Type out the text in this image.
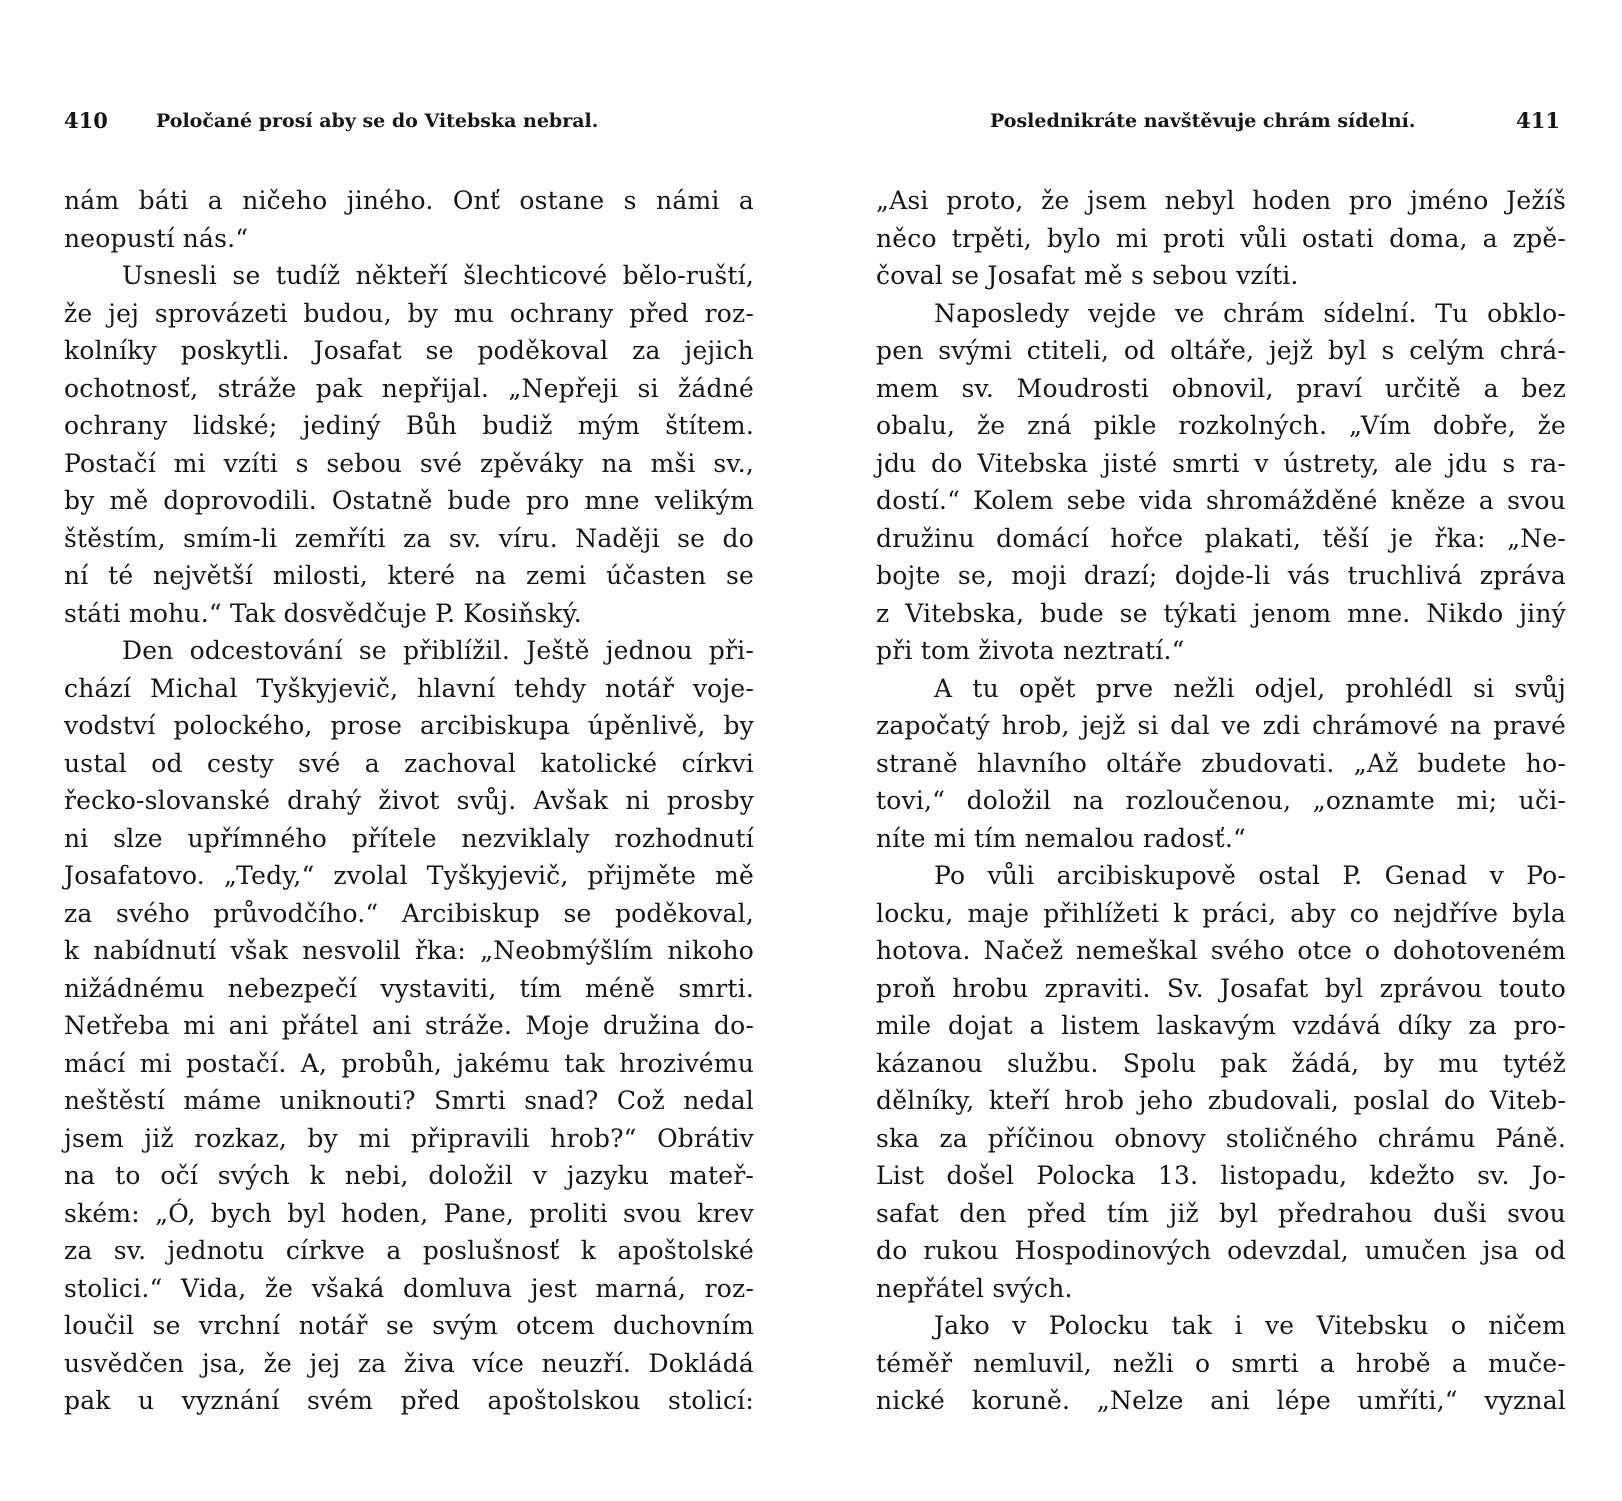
410	Poločané prosí aby se do Vitebska nebral.
nám báti a ničeho jiného. Onť ostane s námi a
neopustí nás.“
Usnesli se tudíž někteří šlechticové bělo-ruští,
že jej sprovázeti budou, by mu ochrany před roz-
kolníky poskytli. Josafat se poděkoval za jejich
ochotnosť, stráže pak nepřijal. „Nepřeji si žádné
ochrany lidské; jediný Bůh budiž mým štítem.
Postačí mi vzíti s sebou své zpěváky na mši sv.,
by mě doprovodili. Ostatně bude pro mne velikým
štěstím, smím-li zemříti za sv. víru. Naději se do
ní té největší milosti, které na zemi účasten se
státi mohu.“ Tak dosvědčuje P. Kosiňský.
Den odcestování se přiblížil. Ještě jednou při-
chází Michal Tyškyjevič, hlavní tehdy notář voje-
vodství polockého, prose arcibiskupa úpěnlivě, by
ustal od cesty své a zachoval katolické církvi
řecko-slovanské drahý život svůj. Avšak ni prosby
ni slze upřímného přítele nezviklaly rozhodnutí
Josafatovo. „Tedy,“ zvolal Tyškyjevič, přijměte mě
za svého průvodčího.“ Arcibiskup se poděkoval,
k nabídnutí však nesvolil řka: „Neobmýšlím nikoho
nižádnému nebezpečí vystaviti, tím méně smrti.
Netřeba mi ani přátel ani stráže. Moje družina do-
mácí mi postačí. A, probůh, jakému tak hrozivému
neštěstí máme uniknouti? Smrti snad? Což nedal
jsem již rozkaz, by mi připravili hrob?“ Obrátiv
na to očí svých k nebi, doložil v jazyku mateř-
ském: „Ó, bych byl hoden, Pane, proliti svou krev
za sv. jednotu církve a poslušnosť k apoštolské
stolici.“ Vida, že všaká domluva jest marná, roz-
loučil se vrchní notář se svým otcem duchovním
usvědčen jsa, že jej za živa více neuzří. Dokládá
pak u vyznání svém před apoštolskou stolicí:
Poslednikráte navštěvuje chrám sídelní.	411
„Asi proto, že jsem nebyl hoden pro jméno Ježíš
něco trpěti, bylo mi proti vůli ostati doma, a zpě-
čoval se Josafat mě s sebou vzíti.
Naposledy vejde ve chrám sídelní. Tu obklo-
pen svými ctiteli, od oltáře, jejž byl s celým chrá-
mem sv. Moudrosti obnovil, praví určitě a bez
obalu, že zná pikle rozkolných. „Vím dobře, že
jdu do Vitebska jisté smrti v ústrety, ale jdu s ra-
dostí.“ Kolem sebe vida shromážděné kněze a svou
družinu domácí hořce plakati, těší je řka: „Ne-
bojte se, moji drazí; dojde-li vás truchlivá zpráva
z Vitebska, bude se týkati jenom mne. Nikdo jiný
při tom života neztratí.“
A tu opět prve nežli odjel, prohlédl si svůj
započatý hrob, jejž si dal ve zdi chrámové na pravé
straně hlavního oltáře zbudovati. „Až budete ho-
tovi,“ doložil na rozloučenou, „oznamte mi; uči-
níte mi tím nemalou radosť.“
Po vůli arcibiskupově ostal P. Genad v Po-
locku, maje přihlížeti k práci, aby co nejdříve byla
hotova. Načež nemeškal svého otce o dohotoveném
proň hrobu zpraviti. Sv. Josafat byl zprávou touto
mile dojat a listem laskavým vzdává díky za pro-
kázanou službu. Spolu pak žádá, by mu tytéž
dělníky, kteří hrob jeho zbudovali, poslal do Viteb-
ska za příčinou obnovy stoličného chrámu Páně.
List došel Polocka 13. listopadu, kdežto sv. Jo-
safat den před tím již byl předrahou duši svou
do rukou Hospodinových odevzdal, umučen jsa od
nepřátel svých.
Jako v Polocku tak i ve Vitebsku o ničem
téměř nemluvil, nežli o smrti a hrobě a muče-
nické koruně. „Nelze ani lépe umříti,“ vyznal
